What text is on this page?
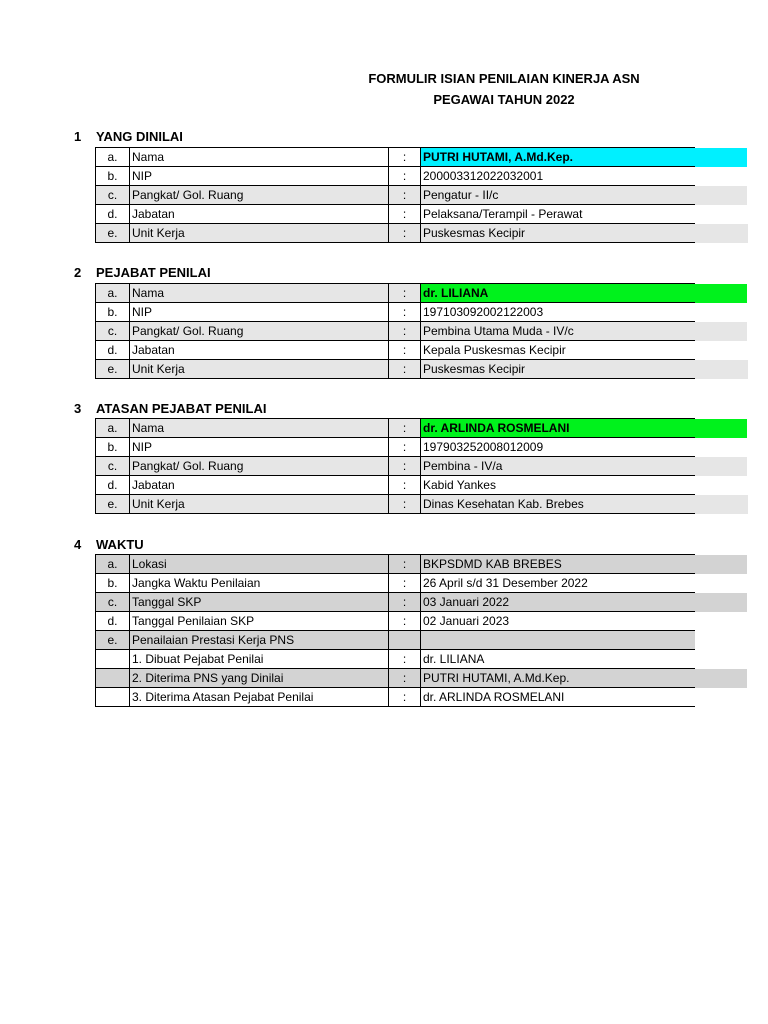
FORMULIR ISIAN PENILAIAN KINERJA ASN
PEGAWAI TAHUN 2022
1 YANG DINILAI
a.	Nama	:	PUTRI HUTAMI, A.Md.Kep.	
b.	NIP	:	200003312022032001	
c.	Pangkat/ Gol. Ruang	:	Pengatur - II/c	
d.	Jabatan	:	Pelaksana/Terampil - Perawat	
e.	Unit Kerja	:	Puskesmas Kecipir	
2 PEJABAT PENILAI
a.	Nama	:	dr. LILIANA	
b.	NIP	:	197103092002122003	
c.	Pangkat/ Gol. Ruang	:	Pembina Utama Muda - IV/c	
d.	Jabatan	:	Kepala Puskesmas Kecipir	
e.	Unit Kerja	:	Puskesmas Kecipir	
3 ATASAN PEJABAT PENILAI
a.	Nama	:	dr. ARLINDA ROSMELANI	
b.	NIP	:	197903252008012009	
c.	Pangkat/ Gol. Ruang	:	Pembina - IV/a	
d.	Jabatan	:	Kabid Yankes	
e.	Unit Kerja	:	Dinas Kesehatan Kab. Brebes	
4 WAKTU
a.	Lokasi	:	BKPSDMD KAB BREBES	
b.	Jangka Waktu Penilaian	:	26 April s/d 31 Desember 2022	
c.	Tanggal SKP	:	03 Januari 2022	
d.	Tanggal Penilaian SKP	:	02 Januari 2023	
e.	Penailaian Prestasi Kerja PNS			
	1. Dibuat Pejabat Penilai	:	dr. LILIANA	
	2. Diterima PNS yang Dinilai	:	PUTRI HUTAMI, A.Md.Kep.	
	3. Diterima Atasan Pejabat Penilai	:	dr. ARLINDA ROSMELANI	
